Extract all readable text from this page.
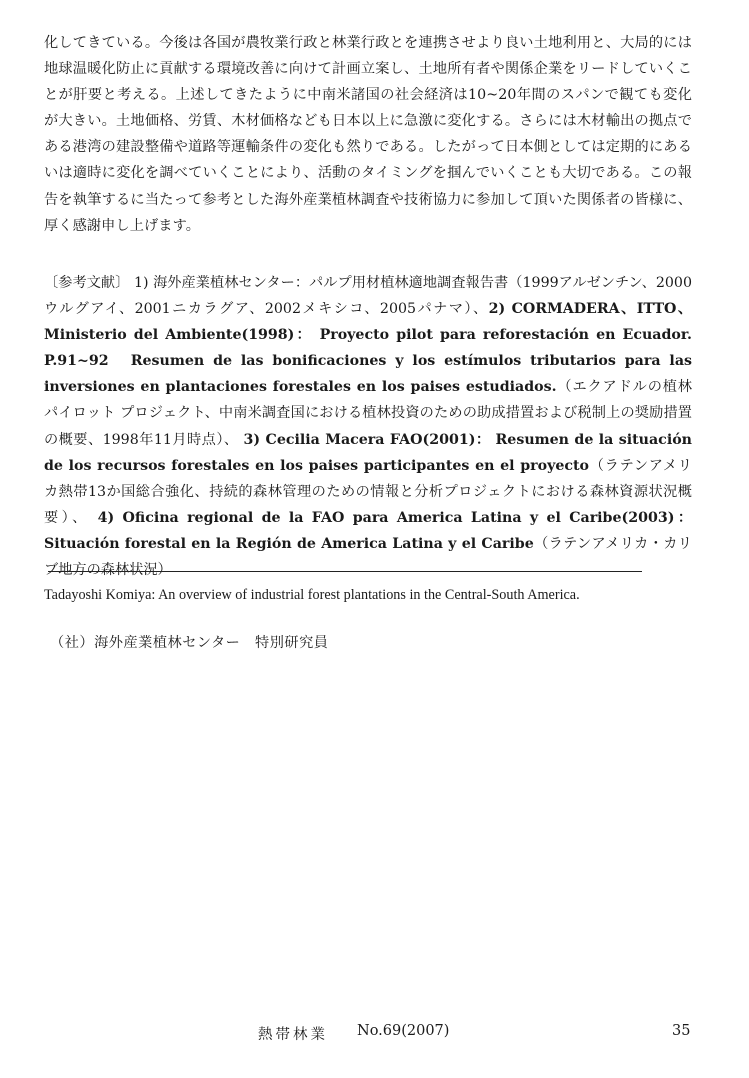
化してきている。今後は各国が農牧業行政と林業行政とを連携させより良い土地利用と、大局的には地球温暖化防止に貢献する環境改善に向けて計画立案し、土地所有者や関係企業をリードしていくことが肝要と考える。上述してきたように中南米諸国の社会経済は10~20年間のスパンで観ても変化が大きい。土地価格、労賃、木材価格なども日本以上に急激に変化する。さらには木材輸出の拠点である港湾の建設整備や道路等運輸条件の変化も然りである。したがって日本側としては定期的にあるいは適時に変化を調べていくことにより、活動のタイミングを掴んでいくことも大切である。この報告を執筆するに当たって参考とした海外産業植林調査や技術協力に参加して頂いた関係者の皆様に、厚く感謝申し上げます。

〔参考文献〕 1) 海外産業植林センター：パルプ用材植林適地調査報告書（1999アルゼンチン、2000ウルグアイ、2001ニカラグア、2002メキシコ、2005パナマ）、2) CORMADERA、ITTO、Ministerio del Ambiente(1998)： Proyecto pilot para reforestación en Ecuador. P.91~92　Resumen de las bonificaciones y los estímulos tributarios para las inversiones en plantaciones forestales en los paises estudiados.（エクアドルの植林パイロット プロジェクト、中南米調査国における植林投資のための助成措置および税制上の奨励措置の概要、1998年11月時点）、 3) Cecilia Macera FAO(2001)： Resumen de la situación de los recursos forestales en los paises participantes en el proyecto（ラテンアメリカ熱帯13か国総合強化、持続的森林管理のための情報と分析プロジェクトにおける森林資源状況概要）、 4) Oficina regional de la FAO para America Latina y el Caribe(2003)： Situación forestal en la Región de America Latina y el Caribe（ラテンアメリカ・カリブ地方の森林状況）

Tadayoshi Komiya: An overview of industrial forest plantations in the Central-South America.

（社）海外産業植林センター　特別研究員

熱帯林業 No.69(2007)	35
